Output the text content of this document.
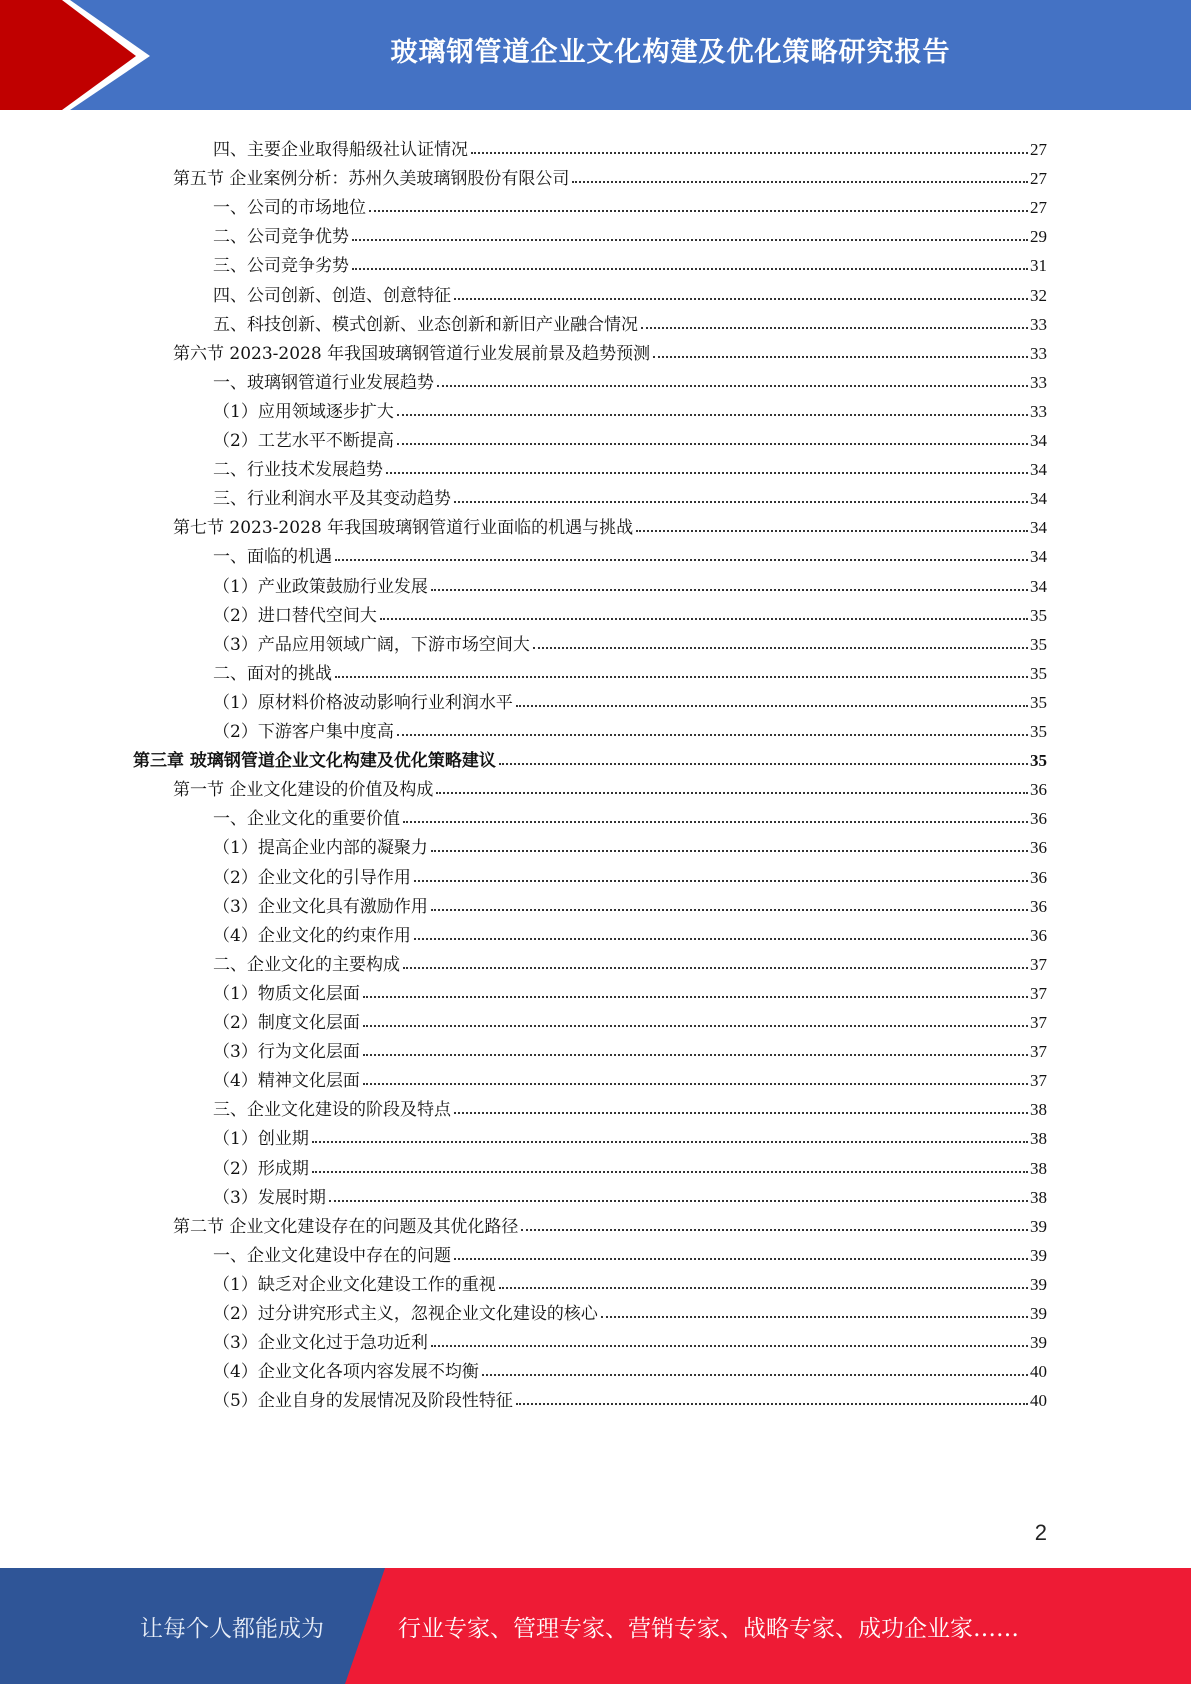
玻璃钢管道企业文化构建及优化策略研究报告
四、主要企业取得船级社认证情况	27
第五节 企业案例分析：苏州久美玻璃钢股份有限公司	27
一、公司的市场地位	27
二、公司竞争优势	29
三、公司竞争劣势	31
四、公司创新、创造、创意特征	32
五、科技创新、模式创新、业态创新和新旧产业融合情况	33
第六节 2023-2028 年我国玻璃钢管道行业发展前景及趋势预测	33
一、玻璃钢管道行业发展趋势	33
（1）应用领域逐步扩大	33
（2）工艺水平不断提高	34
二、行业技术发展趋势	34
三、行业利润水平及其变动趋势	34
第七节 2023-2028 年我国玻璃钢管道行业面临的机遇与挑战	34
一、面临的机遇	34
（1）产业政策鼓励行业发展	34
（2）进口替代空间大	35
（3）产品应用领域广阔，下游市场空间大	35
二、面对的挑战	35
（1）原材料价格波动影响行业利润水平	35
（2）下游客户集中度高	35
第三章 玻璃钢管道企业文化构建及优化策略建议	35
第一节 企业文化建设的价值及构成	36
一、企业文化的重要价值	36
（1）提高企业内部的凝聚力	36
（2）企业文化的引导作用	36
（3）企业文化具有激励作用	36
（4）企业文化的约束作用	36
二、企业文化的主要构成	37
（1）物质文化层面	37
（2）制度文化层面	37
（3）行为文化层面	37
（4）精神文化层面	37
三、企业文化建设的阶段及特点	38
（1）创业期	38
（2）形成期	38
（3）发展时期	38
第二节 企业文化建设存在的问题及其优化路径	39
一、企业文化建设中存在的问题	39
（1）缺乏对企业文化建设工作的重视	39
（2）过分讲究形式主义，忽视企业文化建设的核心	39
（3）企业文化过于急功近利	39
（4）企业文化各项内容发展不均衡	40
（5）企业自身的发展情况及阶段性特征	40
2
让每个人都能成为	行业专家、管理专家、营销专家、战略专家、成功企业家……
